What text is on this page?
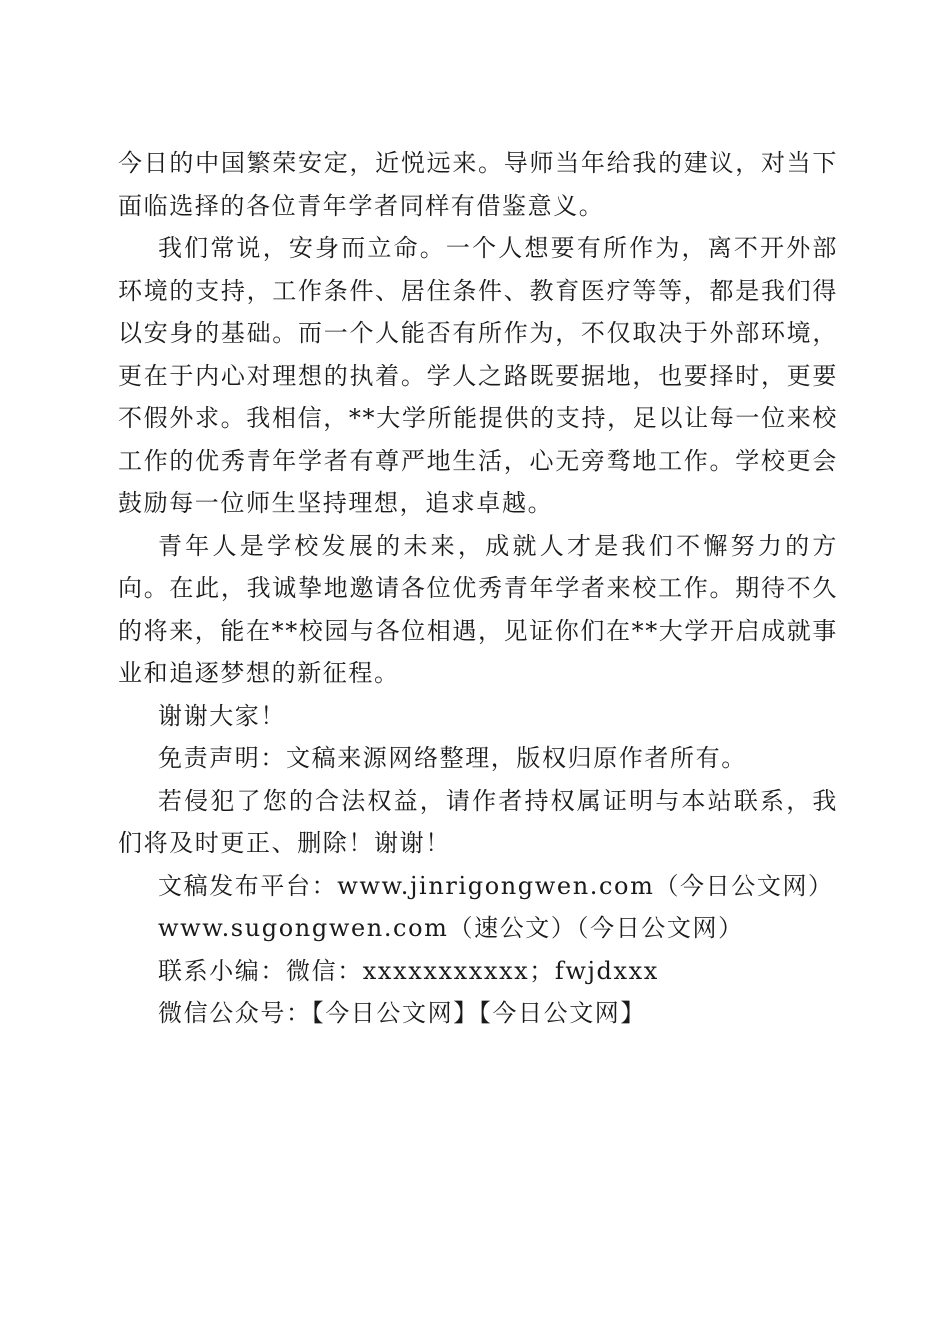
今日的中国繁荣安定，近悦远来。导师当年给我的建议，对当下面临选择的各位青年学者同样有借鉴意义。

我们常说，安身而立命。一个人想要有所作为，离不开外部环境的支持，工作条件、居住条件、教育医疗等等，都是我们得以安身的基础。而一个人能否有所作为，不仅取决于外部环境，更在于内心对理想的执着。学人之路既要据地，也要择时，更要不假外求。我相信，**大学所能提供的支持，足以让每一位来校工作的优秀青年学者有尊严地生活，心无旁骛地工作。学校更会鼓励每一位师生坚持理想，追求卓越。

青年人是学校发展的未来，成就人才是我们不懈努力的方向。在此，我诚挚地邀请各位优秀青年学者来校工作。期待不久的将来，能在**校园与各位相遇，见证你们在**大学开启成就事业和追逐梦想的新征程。

谢谢大家！

免责声明：文稿来源网络整理，版权归原作者所有。

若侵犯了您的合法权益，请作者持权属证明与本站联系，我们将及时更正、删除！谢谢！

文稿发布平台：www.jinrigongwen.com（今日公文网）

www.sugongwen.com（速公文）（今日公文网）

联系小编：微信：xxxxxxxxxxx；fwjdxxx

微信公众号：【今日公文网】【今日公文网】
